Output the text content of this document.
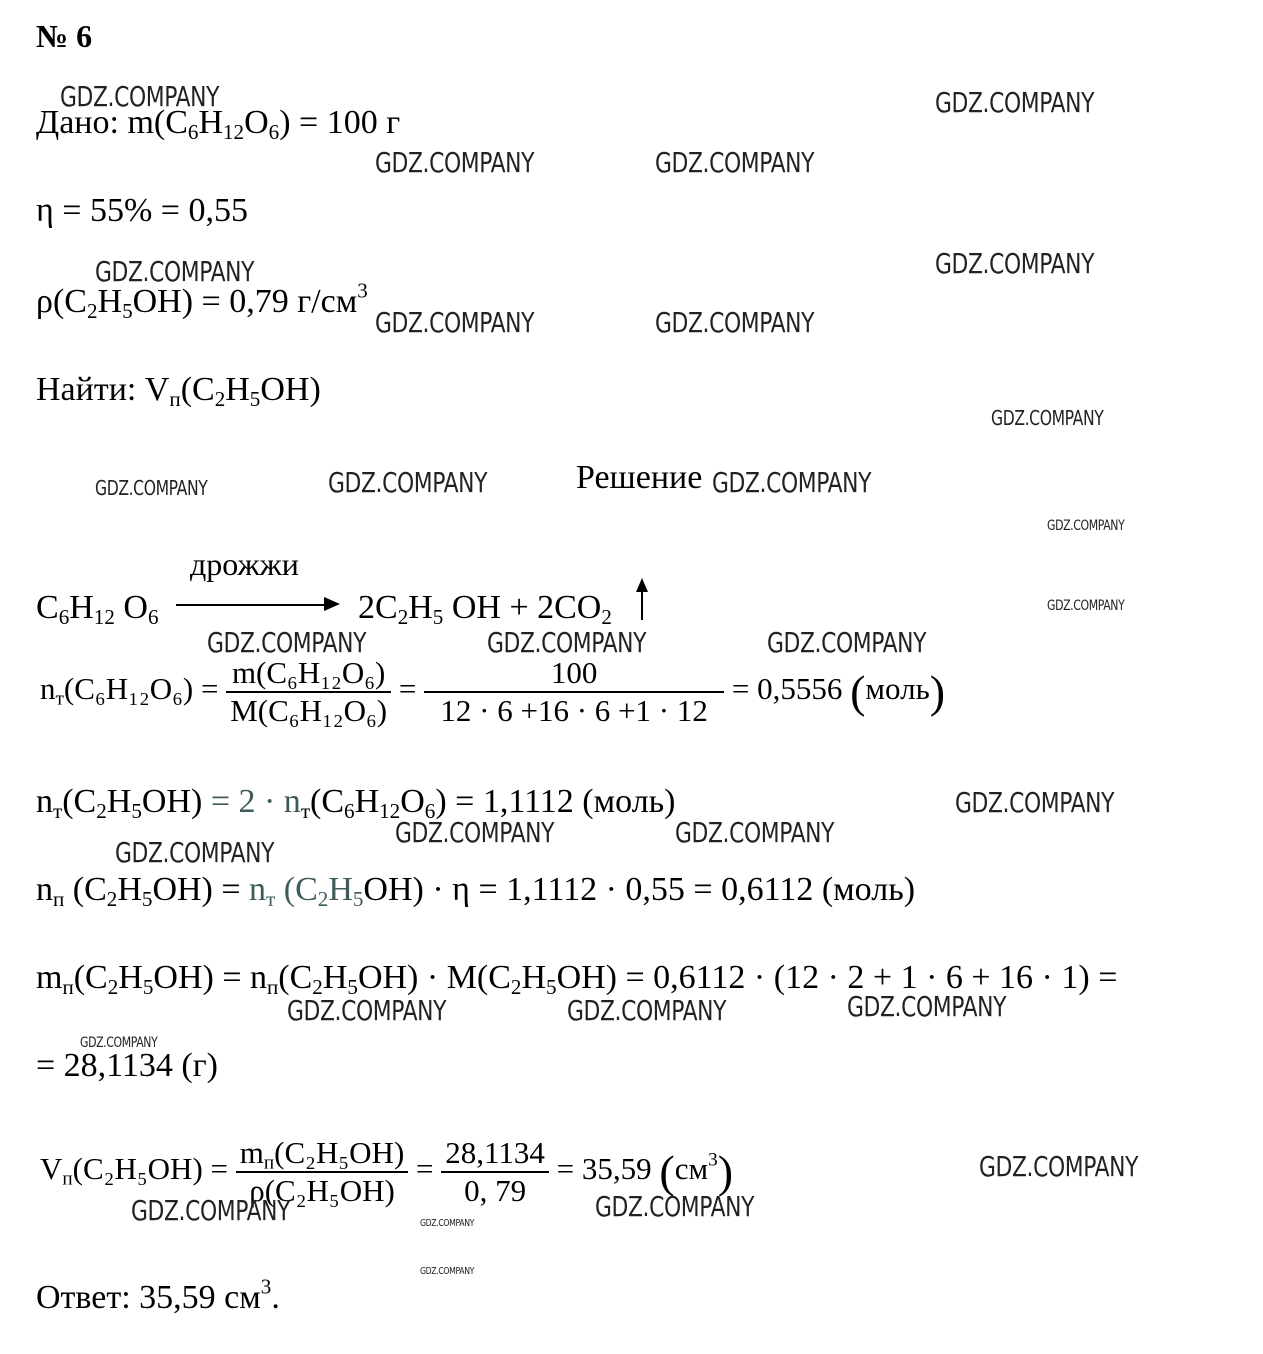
№ 6
Дано: $m(C_6H_{12}O_6) = 100$ г
η = 55% = 0,55
$\rho(C_2H_5OH) = 0,79$ $г/см^3$
Найти: $V_п(C_2H_5OH)$
Решение
$C_6H_{12}$ $O_6$
дрожжи
$2C_2H_5$ OH + $2CO_2$
$n_т(C_6H_{12}O_6) = \frac{\text{m(C₆H₁₂O₆)}}{\text{M(C₆H₁₂O₆)}} = \frac{100}{12 \cdot 6 +16 \cdot 6 +1 \cdot 12} = 0,5556$ (моль)
$n_т(C_2H_5OH) = 2 \cdot n_т(C_6H_{12}O_6) = 1,1112$ (моль)
$n_п$ $(C_2H_5OH) = n_т$ $(C_2H_5OH) \cdot \eta = 1,1112 \cdot 0,55 = 0,6112$ (моль)
$m_п(C_2H_5OH) = n_п(C_2H_5OH) \cdot M(C_2H_5OH) = 0,6112 \cdot (12 \cdot 2 + 1 \cdot 6 + 16 \cdot 1)$ =
= 28,1134 (г)
$V_п(C_2H_5OH) = \frac{m_п(C_2H_5OH)}{\text{ρ(C₂H₅OH)}} = \frac{28,1134}{0, 79} = 35,59$ $(см^3)$
Ответ: 35,59 $см^3$.
GDZ.COMPANY	GDZ.COMPANY
GDZ.COMPANY	GDZ.COMPANY
GDZ.COMPANY	GDZ.COMPANY
GDZ.COMPANY	GDZ.COMPANY
GDZ.COMPANY
GDZ.COMPANY	GDZ.COMPANY	GDZ.COMPANY
GDZ.COMPANY
GDZ.COMPANY
GDZ.COMPANY	GDZ.COMPANY	GDZ.COMPANY
GDZ.COMPANY
GDZ.COMPANY	GDZ.COMPANY
GDZ.COMPANY
GDZ.COMPANY	GDZ.COMPANY	GDZ.COMPANY
GDZ.COMPANY
GDZ.COMPANY
GDZ.COMPANY	GDZ.COMPANY
GDZ.COMPANY
GDZ.COMPANY
